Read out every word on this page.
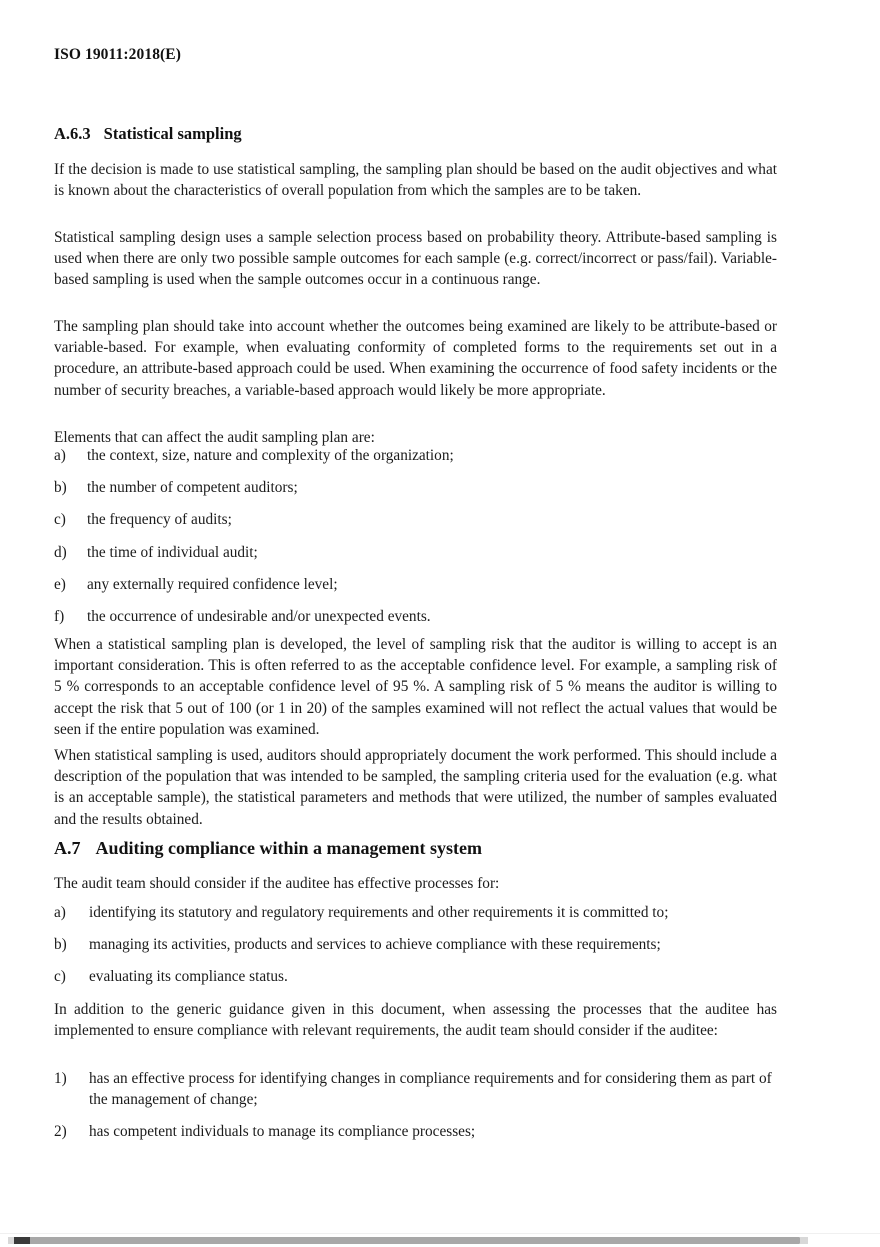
ISO 19011:2018(E)
A.6.3 Statistical sampling

If the decision is made to use statistical sampling, the sampling plan should be based on the audit objectives and what is known about the characteristics of overall population from which the samples are to be taken.

Statistical sampling design uses a sample selection process based on probability theory. Attribute-based sampling is used when there are only two possible sample outcomes for each sample (e.g. correct/incorrect or pass/fail). Variable-based sampling is used when the sample outcomes occur in a continuous range.

The sampling plan should take into account whether the outcomes being examined are likely to be attribute-based or variable-based. For example, when evaluating conformity of completed forms to the requirements set out in a procedure, an attribute-based approach could be used. When examining the occurrence of food safety incidents or the number of security breaches, a variable-based approach would likely be more appropriate.

Elements that can affect the audit sampling plan are:

a)	the context, size, nature and complexity of the organization;
b)	the number of competent auditors;
c)	the frequency of audits;
d)	the time of individual audit;
e)	any externally required confidence level;
f)	the occurrence of undesirable and/or unexpected events.

When a statistical sampling plan is developed, the level of sampling risk that the auditor is willing to accept is an important consideration. This is often referred to as the acceptable confidence level. For example, a sampling risk of 5 % corresponds to an acceptable confidence level of 95 %. A sampling risk of 5 % means the auditor is willing to accept the risk that 5 out of 100 (or 1 in 20) of the samples examined will not reflect the actual values that would be seen if the entire population was examined.

When statistical sampling is used, auditors should appropriately document the work performed. This should include a description of the population that was intended to be sampled, the sampling criteria used for the evaluation (e.g. what is an acceptable sample), the statistical parameters and methods that were utilized, the number of samples evaluated and the results obtained.

A.7 Auditing compliance within a management system

The audit team should consider if the auditee has effective processes for:

a)	identifying its statutory and regulatory requirements and other requirements it is committed to;
b)	managing its activities, products and services to achieve compliance with these requirements;
c)	evaluating its compliance status.

In addition to the generic guidance given in this document, when assessing the processes that the auditee has implemented to ensure compliance with relevant requirements, the audit team should consider if the auditee:

1)	has an effective process for identifying changes in compliance requirements and for considering them as part of the management of change;
2)	has competent individuals to manage its compliance processes;
